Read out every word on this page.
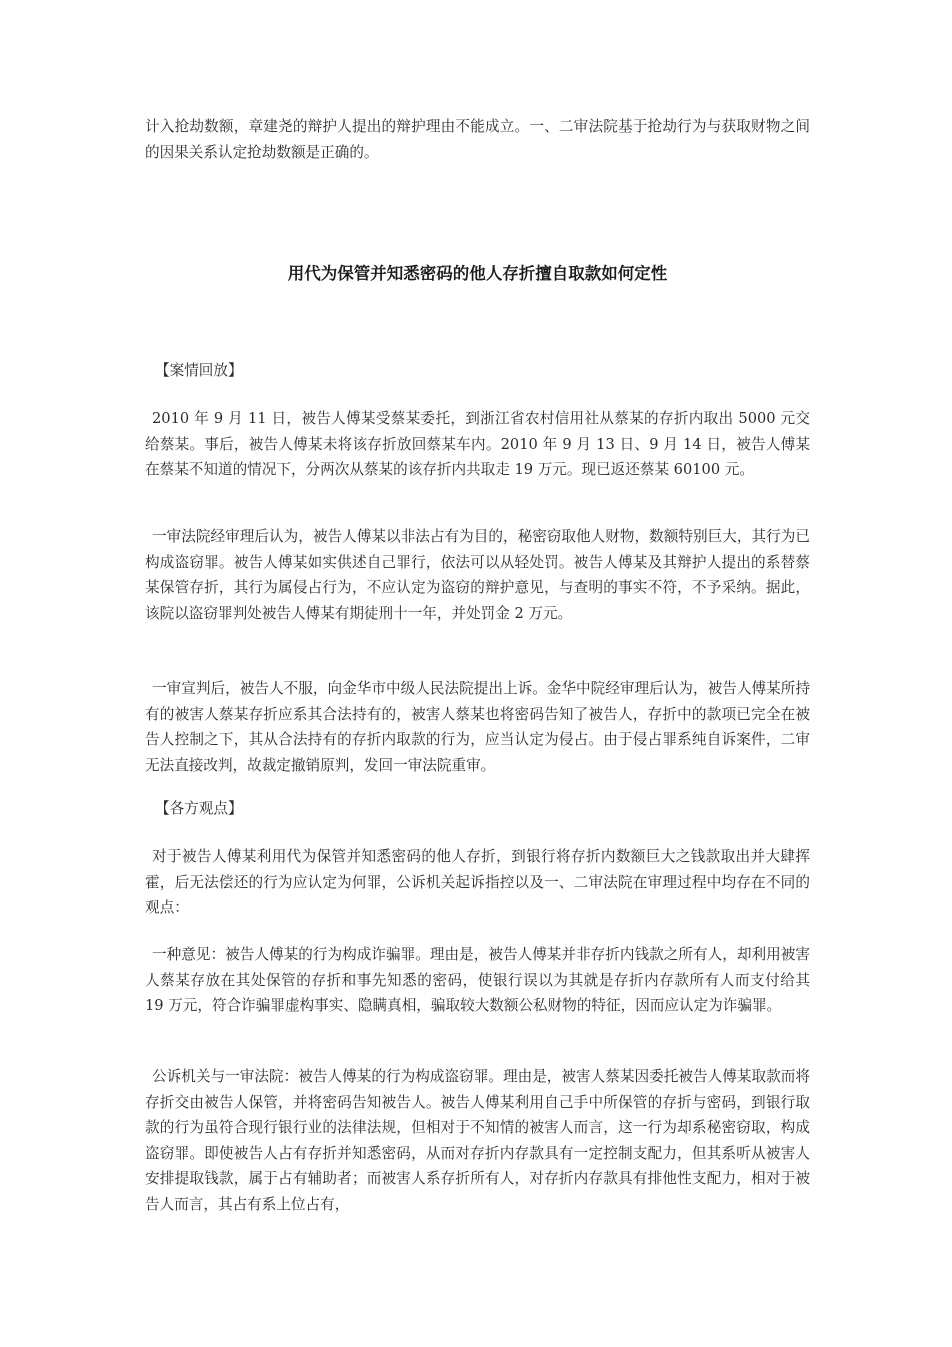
计入抢劫数额，章建尧的辩护人提出的辩护理由不能成立。一、二审法院基于抢劫行为与获取财物之间的因果关系认定抢劫数额是正确的。

用代为保管并知悉密码的他人存折擅自取款如何定性

【案情回放】

2010 年 9 月 11 日，被告人傅某受蔡某委托，到浙江省农村信用社从蔡某的存折内取出 5000 元交给蔡某。事后，被告人傅某未将该存折放回蔡某车内。2010 年 9 月 13 日、9 月 14 日，被告人傅某在蔡某不知道的情况下，分两次从蔡某的该存折内共取走 19 万元。现已返还蔡某 60100 元。

一审法院经审理后认为，被告人傅某以非法占有为目的，秘密窃取他人财物，数额特别巨大，其行为已构成盗窃罪。被告人傅某如实供述自己罪行，依法可以从轻处罚。被告人傅某及其辩护人提出的系替蔡某保管存折，其行为属侵占行为，不应认定为盗窃的辩护意见，与查明的事实不符，不予采纳。据此，该院以盗窃罪判处被告人傅某有期徒刑十一年，并处罚金 2 万元。

一审宣判后，被告人不服，向金华市中级人民法院提出上诉。金华中院经审理后认为，被告人傅某所持有的被害人蔡某存折应系其合法持有的，被害人蔡某也将密码告知了被告人，存折中的款项已完全在被告人控制之下，其从合法持有的存折内取款的行为，应当认定为侵占。由于侵占罪系纯自诉案件，二审无法直接改判，故裁定撤销原判，发回一审法院重审。

【各方观点】

对于被告人傅某利用代为保管并知悉密码的他人存折，到银行将存折内数额巨大之钱款取出并大肆挥霍，后无法偿还的行为应认定为何罪，公诉机关起诉指控以及一、二审法院在审理过程中均存在不同的观点：

一种意见：被告人傅某的行为构成诈骗罪。理由是，被告人傅某并非存折内钱款之所有人，却利用被害人蔡某存放在其处保管的存折和事先知悉的密码，使银行误以为其就是存折内存款所有人而支付给其 19 万元，符合诈骗罪虚构事实、隐瞒真相，骗取较大数额公私财物的特征，因而应认定为诈骗罪。

公诉机关与一审法院：被告人傅某的行为构成盗窃罪。理由是，被害人蔡某因委托被告人傅某取款而将存折交由被告人保管，并将密码告知被告人。被告人傅某利用自己手中所保管的存折与密码，到银行取款的行为虽符合现行银行业的法律法规，但相对于不知情的被害人而言，这一行为却系秘密窃取，构成盗窃罪。即使被告人占有存折并知悉密码，从而对存折内存款具有一定控制支配力，但其系听从被害人安排提取钱款，属于占有辅助者；而被害人系存折所有人，对存折内存款具有排他性支配力，相对于被告人而言，其占有系上位占有，
